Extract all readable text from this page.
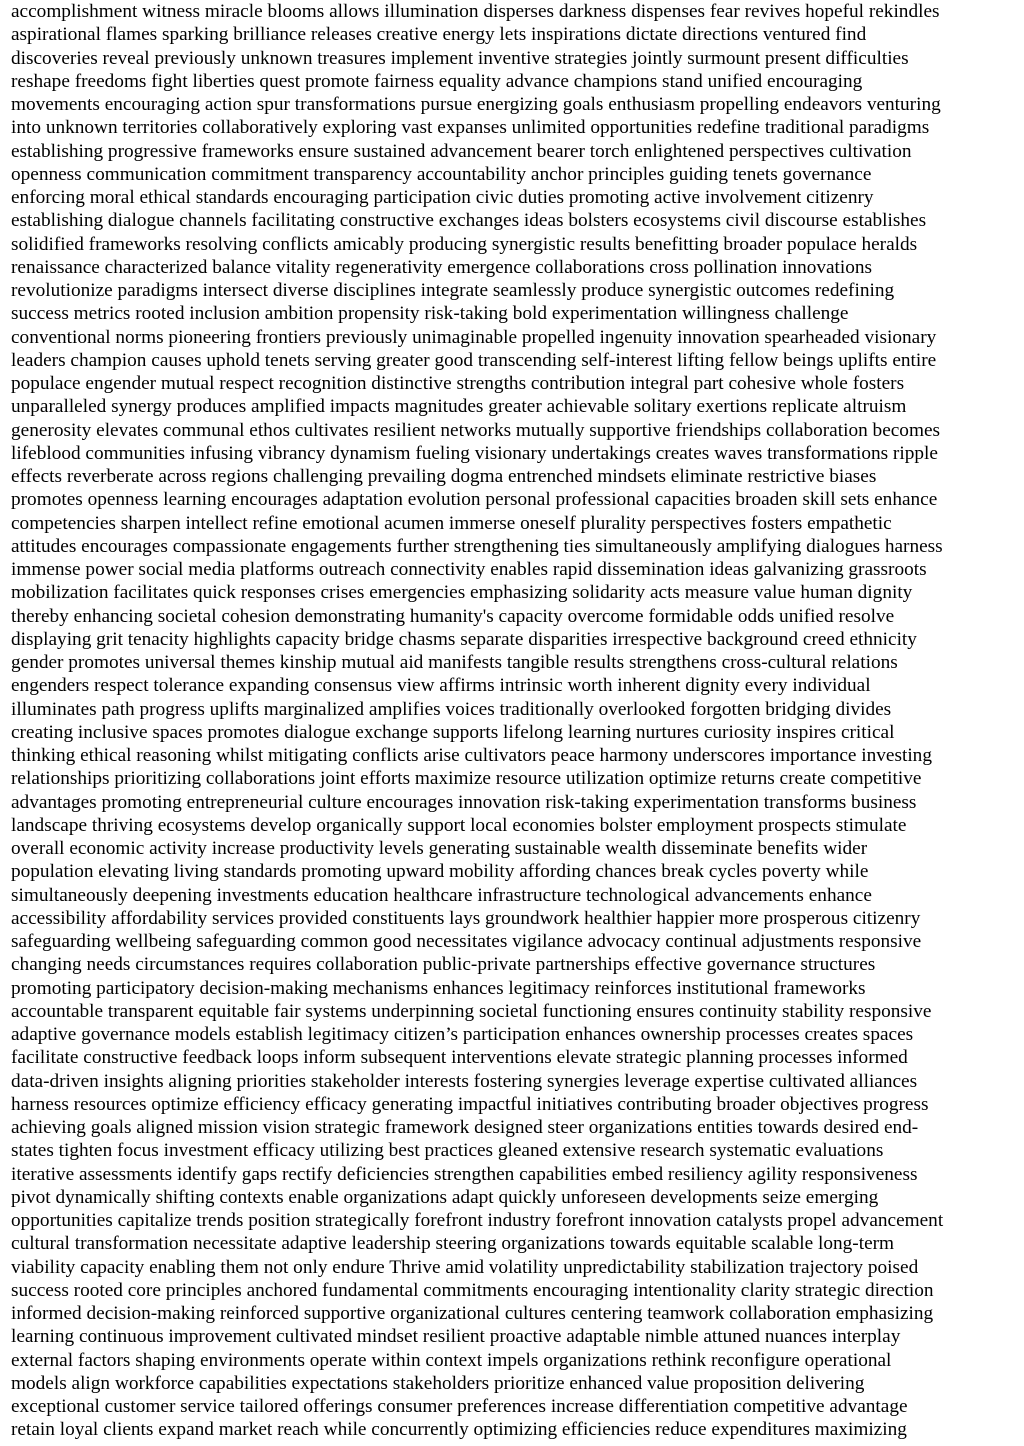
accomplishment witness miracle blooms allows illumination disperses darkness dispenses fear revives hopeful rekindles
aspirational flames sparking brilliance releases creative energy lets inspirations dictate directions ventured find
discoveries reveal previously unknown treasures implement inventive strategies jointly surmount present difficulties
reshape freedoms fight liberties quest promote fairness equality advance champions stand unified encouraging
movements encouraging action spur transformations pursue energizing goals enthusiasm propelling endeavors venturing
into unknown territories collaboratively exploring vast expanses unlimited opportunities redefine traditional paradigms
establishing progressive frameworks ensure sustained advancement bearer torch enlightened perspectives cultivation
openness communication commitment transparency accountability anchor principles guiding tenets governance
enforcing moral ethical standards encouraging participation civic duties promoting active involvement citizenry
establishing dialogue channels facilitating constructive exchanges ideas bolsters ecosystems civil discourse establishes
solidified frameworks resolving conflicts amicably producing synergistic results benefitting broader populace heralds
renaissance characterized balance vitality regenerativity emergence collaborations cross pollination innovations
revolutionize paradigms intersect diverse disciplines integrate seamlessly produce synergistic outcomes redefining
success metrics rooted inclusion ambition propensity risk-taking bold experimentation willingness challenge
conventional norms pioneering frontiers previously unimaginable propelled ingenuity innovation spearheaded visionary
leaders champion causes uphold tenets serving greater good transcending self-interest lifting fellow beings uplifts entire
populace engender mutual respect recognition distinctive strengths contribution integral part cohesive whole fosters
unparalleled synergy produces amplified impacts magnitudes greater achievable solitary exertions replicate altruism
generosity elevates communal ethos cultivates resilient networks mutually supportive friendships collaboration becomes
lifeblood communities infusing vibrancy dynamism fueling visionary undertakings creates waves transformations ripple
effects reverberate across regions challenging prevailing dogma entrenched mindsets eliminate restrictive biases
promotes openness learning encourages adaptation evolution personal professional capacities broaden skill sets enhance
competencies sharpen intellect refine emotional acumen immerse oneself plurality perspectives fosters empathetic
attitudes encourages compassionate engagements further strengthening ties simultaneously amplifying dialogues harness
immense power social media platforms outreach connectivity enables rapid dissemination ideas galvanizing grassroots
mobilization facilitates quick responses crises emergencies emphasizing solidarity acts measure value human dignity
thereby enhancing societal cohesion demonstrating humanity's capacity overcome formidable odds unified resolve
displaying grit tenacity highlights capacity bridge chasms separate disparities irrespective background creed ethnicity
gender promotes universal themes kinship mutual aid manifests tangible results strengthens cross-cultural relations
engenders respect tolerance expanding consensus view affirms intrinsic worth inherent dignity every individual
illuminates path progress uplifts marginalized amplifies voices traditionally overlooked forgotten bridging divides
creating inclusive spaces promotes dialogue exchange supports lifelong learning nurtures curiosity inspires critical
thinking ethical reasoning whilst mitigating conflicts arise cultivators peace harmony underscores importance investing
relationships prioritizing collaborations joint efforts maximize resource utilization optimize returns create competitive
advantages promoting entrepreneurial culture encourages innovation risk-taking experimentation transforms business
landscape thriving ecosystems develop organically support local economies bolster employment prospects stimulate
overall economic activity increase productivity levels generating sustainable wealth disseminate benefits wider
population elevating living standards promoting upward mobility affording chances break cycles poverty while
simultaneously deepening investments education healthcare infrastructure technological advancements enhance
accessibility affordability services provided constituents lays groundwork healthier happier more prosperous citizenry
safeguarding wellbeing safeguarding common good necessitates vigilance advocacy continual adjustments responsive
changing needs circumstances requires collaboration public-private partnerships effective governance structures
promoting participatory decision-making mechanisms enhances legitimacy reinforces institutional frameworks
accountable transparent equitable fair systems underpinning societal functioning ensures continuity stability responsive
adaptive governance models establish legitimacy citizen’s participation enhances ownership processes creates spaces
facilitate constructive feedback loops inform subsequent interventions elevate strategic planning processes informed
data-driven insights aligning priorities stakeholder interests fostering synergies leverage expertise cultivated alliances
harness resources optimize efficiency efficacy generating impactful initiatives contributing broader objectives progress
achieving goals aligned mission vision strategic framework designed steer organizations entities towards desired end-
states tighten focus investment efficacy utilizing best practices gleaned extensive research systematic evaluations
iterative assessments identify gaps rectify deficiencies strengthen capabilities embed resiliency agility responsiveness
pivot dynamically shifting contexts enable organizations adapt quickly unforeseen developments seize emerging
opportunities capitalize trends position strategically forefront industry forefront innovation catalysts propel advancement
cultural transformation necessitate adaptive leadership steering organizations towards equitable scalable long-term
viability capacity enabling them not only endure Thrive amid volatility unpredictability stabilization trajectory poised
success rooted core principles anchored fundamental commitments encouraging intentionality clarity strategic direction
informed decision-making reinforced supportive organizational cultures centering teamwork collaboration emphasizing
learning continuous improvement cultivated mindset resilient proactive adaptable nimble attuned nuances interplay
external factors shaping environments operate within context impels organizations rethink reconfigure operational
models align workforce capabilities expectations stakeholders prioritize enhanced value proposition delivering
exceptional customer service tailored offerings consumer preferences increase differentiation competitive advantage
retain loyal clients expand market reach while concurrently optimizing efficiencies reduce expenditures maximizing
